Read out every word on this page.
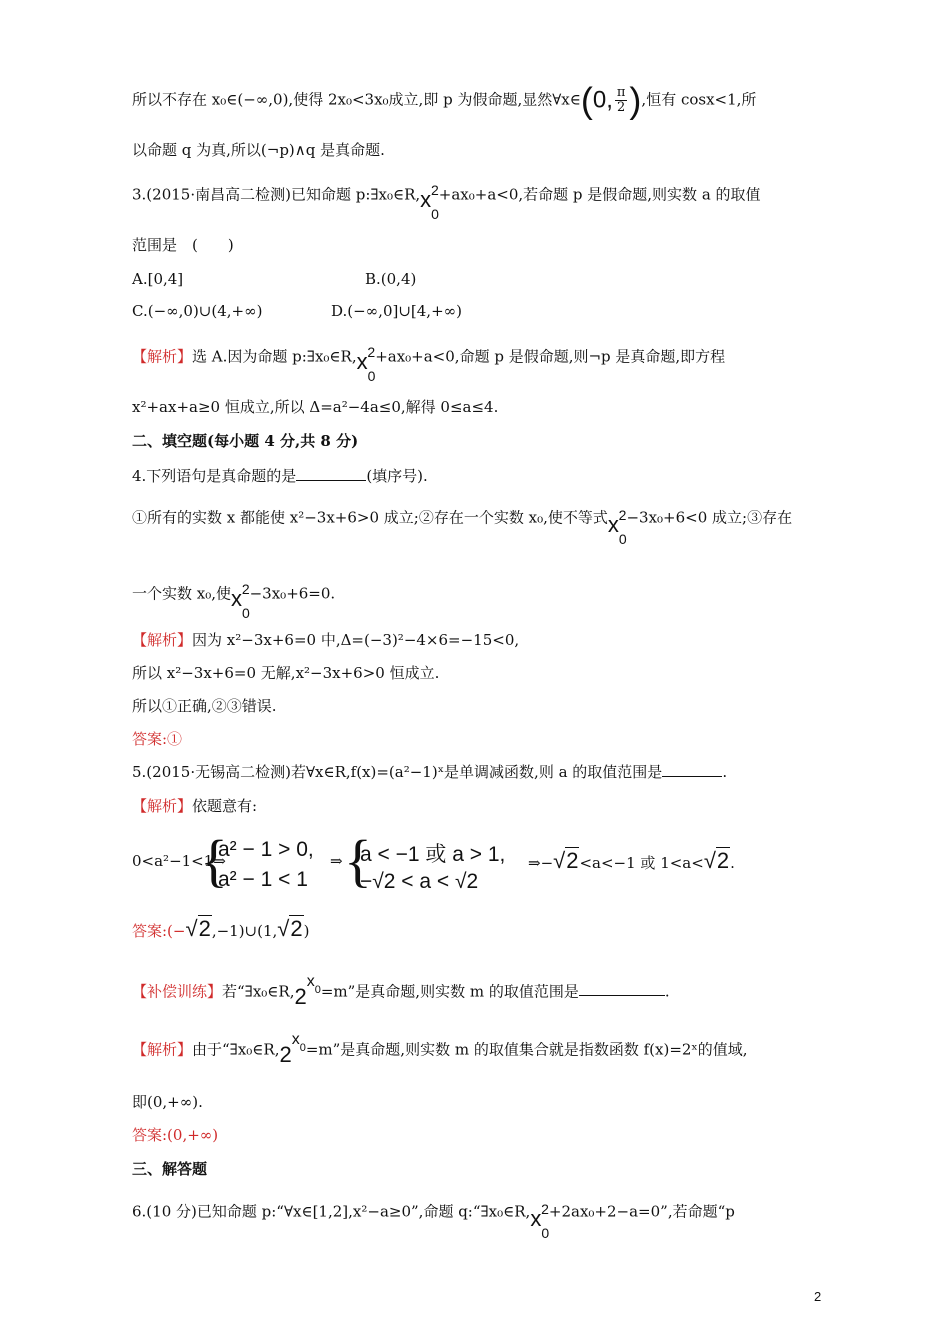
所以不存在 x₀∈(−∞,0),使得 2x₀<3x₀成立,即 p 为假命题,显然∀x∈(0, $\frac{\pi}{2}$ ),恒有 cosx<1,所
以命题 q 为真,所以(¬p)∧q 是真命题.
3.(2015·南昌高二检测)已知命题 $p:\exists x_0\in R,x_0^2+ax_0+a<0$,若命题 p 是假命题,则实数 a 的取值
范围是　(　　)
A.[0,4]	B.(0,4)
C.(−∞,0)∪(4,+∞)	D.(−∞,0]∪[4,+∞)
【解析】选 A.因为命题 $p:\exists x_0\in R,x_0^2+ax_0+a<0$,命题 p 是假命题,则¬p 是真命题,即方程
x²+ax+a≥0 恒成立,所以 Δ=a²−4a≤0,解得 0≤a≤4.
二、填空题(每小题 4 分,共 8 分)
4.下列语句是真命题的是	(填序号).
①所有的实数 x 都能使 x²−3x+6>0 成立;②存在一个实数 x₀,使不等式$x_0^2-3x_0+6<0$ 成立;③存在
一个实数 x₀,使$x_0^2-3x_0+6=0$.
【解析】因为 x²−3x+6=0 中,Δ=(−3)²−4×6=−15<0,
所以 x²−3x+6=0 无解,x²−3x+6>0 恒成立.
所以①正确,②③错误.
答案:①
5.(2015·无锡高二检测)若∀x∈R,f(x)=(a²−1)ˣ是单调减函数,则 a 的取值范围是	.
【解析】依题意有:
0<a²−1<1⇒
{
a² − 1 > 0,
a² − 1 < 1
⇒ {
a < −1 或 a > 1,
−√2 < a < √2
⇒−√2<a<−1 或 1<a<√2.
答案:(−√2,−1)∪(1,√2)
【补偿训练】若“$\exists x_0\in R,2^{x_0}=m$”是真命题,则实数 m 的取值范围是	.
【解析】由于“$\exists x_0\in R,2^{x_0}=m$”是真命题,则实数 m 的取值集合就是指数函数 f(x)=2ˣ的值域,
即(0,+∞).
答案:(0,+∞)
三、解答题
6.(10 分)已知命题 p:“∀x∈[1,2],x²−a≥0”,命题 $q:“\exists x_0\in R,x_0^2+2ax_0+2-a=0$”,若命题“p
2
